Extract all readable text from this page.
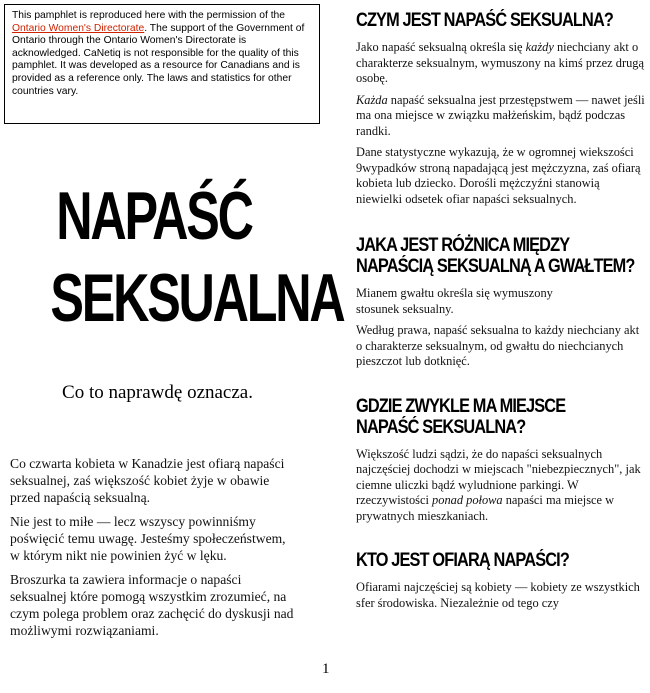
This pamphlet is reproduced here with the permission of the Ontario Women's Directorate. The support of the Government of Ontario through the Ontario Women's Directorate is acknowledged. CaNetiq is not responsible for the quality of this pamphlet. It was developed as a resource for Canadians and is provided as a reference only. The laws and statistics for other countries vary.
NAPAŚĆ
SEKSUALNA
Co to naprawdę oznacza.

Co czwarta kobieta w Kanadzie jest ofiarą napaści seksualnej, zaś większość kobiet żyje w obawie przed napaścią seksualną.

Nie jest to miłe — lecz wszyscy powinniśmy poświęcić temu uwagę. Jesteśmy społeczeństwem, w którym nikt nie powinien żyć w lęku.

Broszurka ta zawiera informacje o napaści seksualnej które pomogą wszystkim zrozumieć, na czym polega problem oraz zachęcić do dyskusji nad możliwymi rozwiązaniami.

CZYM JEST NAPAŚĆ SEKSUALNA?

Jako napaść seksualną określa się każdy niechciany akt o charakterze seksualnym, wymuszony na kimś przez drugą osobę.

Każda napaść seksualna jest przestępstwem — nawet jeśli ma ona miejsce w związku małżeńskim, bądź podczas randki.

Dane statystyczne wykazują, że w ogromnej wiekszości 9wypadków stroną napadającą jest mężczyzna, zaś ofiarą kobieta lub dziecko. Dorośli mężczyźni stanowią niewielki odsetek ofiar napaści seksualnych.

JAKA JEST RÓŻNICA MIĘDZY
NAPAŚCIĄ SEKSUALNĄ A GWAŁTEM?

Mianem gwałtu określa się wymuszony stosunek seksualny.

Według prawa, napaść seksualna to każdy niechciany akt o charakterze seksualnym, od gwałtu do niechcianych pieszczot lub dotknięć.

GDZIE ZWYKLE MA MIEJSCE
NAPAŚĆ SEKSUALNA?

Większość ludzi sądzi, że do napaści seksualnych najczęściej dochodzi w miejscach "niebezpiecznych", jak ciemne uliczki bądź wyludnione parkingi. W rzeczywistości ponad połowa napaści ma miejsce w prywatnych mieszkaniach.

KTO JEST OFIARĄ NAPAŚCI?

Ofiarami najczęściej są kobiety — kobiety ze wszystkich sfer środowiska. Niezależnie od tego czy

1
